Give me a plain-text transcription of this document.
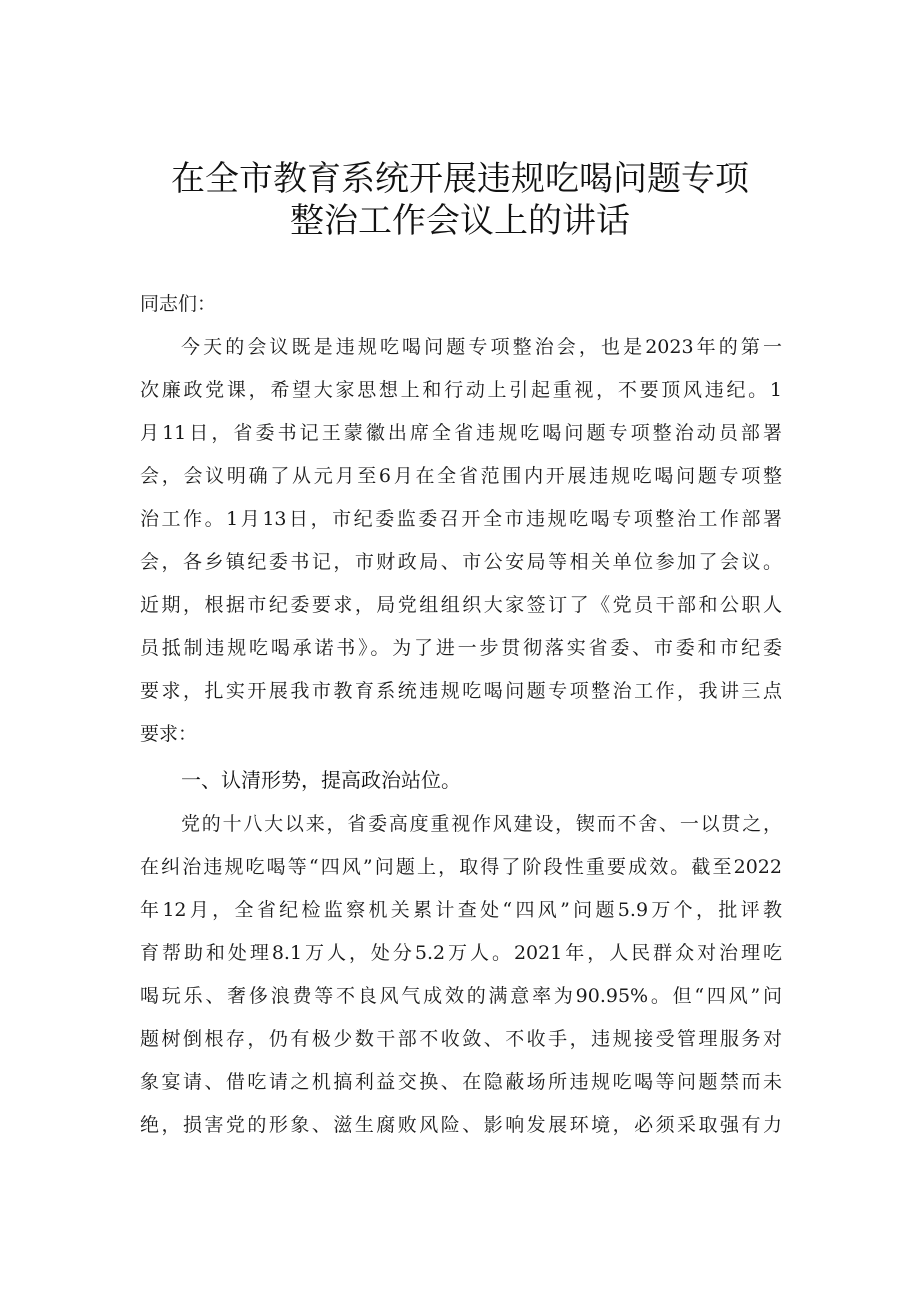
在全市教育系统开展违规吃喝问题专项
整治工作会议上的讲话
同志们：
今天的会议既是违规吃喝问题专项整治会，也是2023年的第一
次廉政党课，希望大家思想上和行动上引起重视，不要顶风违纪。1
月11日，省委书记王蒙徽出席全省违规吃喝问题专项整治动员部署
会，会议明确了从元月至6月在全省范围内开展违规吃喝问题专项整
治工作。1月13日，市纪委监委召开全市违规吃喝专项整治工作部署
会，各乡镇纪委书记，市财政局、市公安局等相关单位参加了会议。
近期，根据市纪委要求，局党组组织大家签订了《党员干部和公职人
员抵制违规吃喝承诺书》。为了进一步贯彻落实省委、市委和市纪委
要求，扎实开展我市教育系统违规吃喝问题专项整治工作，我讲三点
要求：
一、认清形势，提高政治站位。
党的十八大以来，省委高度重视作风建设，锲而不舍、一以贯之，
在纠治违规吃喝等“四风”问题上，取得了阶段性重要成效。截至2022
年12月，全省纪检监察机关累计查处“四风”问题5.9万个，批评教
育帮助和处理8.1万人，处分5.2万人。2021年，人民群众对治理吃
喝玩乐、奢侈浪费等不良风气成效的满意率为90.95%。但“四风”问
题树倒根存，仍有极少数干部不收敛、不收手，违规接受管理服务对
象宴请、借吃请之机搞利益交换、在隐蔽场所违规吃喝等问题禁而未
绝，损害党的形象、滋生腐败风险、影响发展环境，必须采取强有力
